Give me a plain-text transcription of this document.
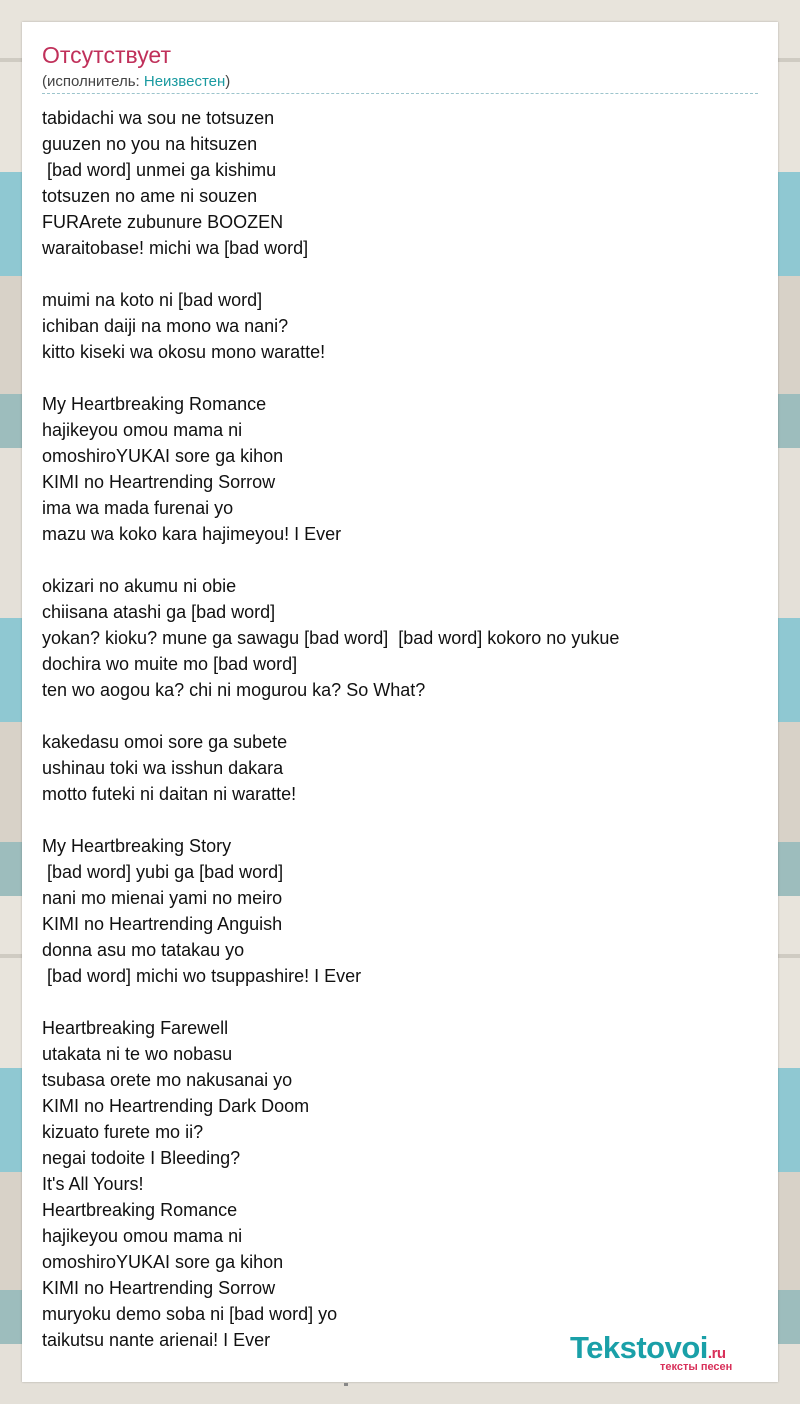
Отсутствует
(исполнитель: Неизвестен)
tabidachi wa sou ne totsuzen
guuzen no you na hitsuzen
[bad word] unmei ga kishimu
totsuzen no ame ni souzen
FURArete zubunure BOOZEN
waraitobase! michi wa [bad word]
muimi na koto ni [bad word]
ichiban daiji na mono wa nani?
kitto kiseki wa okosu mono waratte!
My Heartbreaking Romance
hajikeyou omou mama ni
omoshiroYUKAI sore ga kihon
KIMI no Heartrending Sorrow
ima wa mada furenai yo
mazu wa koko kara hajimeyou! I Ever
okizari no akumu ni obie
chiisana atashi ga [bad word]
yokan? kioku? mune ga sawagu [bad word]  [bad word] kokoro no yukue
dochira wo muite mo [bad word]
ten wo aogou ka? chi ni mogurou ka? So What?
kakedasu omoi sore ga subete
ushinau toki wa isshun dakara
motto futeki ni daitan ni waratte!
My Heartbreaking Story
[bad word] yubi ga [bad word]
nani mo mienai yami no meiro
KIMI no Heartrending Anguish
donna asu mo tatakau yo
[bad word] michi wo tsuppashire! I Ever
Heartbreaking Farewell
utakata ni te wo nobasu
tsubasa orete mo nakusanai yo
KIMI no Heartrending Dark Doom
kizuato furete mo ii?
negai todoite I Bleeding?
It's All Yours!
Heartbreaking Romance
hajikeyou omou mama ni
omoshiroYUKAI sore ga kihon
KIMI no Heartrending Sorrow
muryoku demo soba ni [bad word] yo
taikutsu nante arienai! I Ever	Tekstovoi.ru
тексты песен
